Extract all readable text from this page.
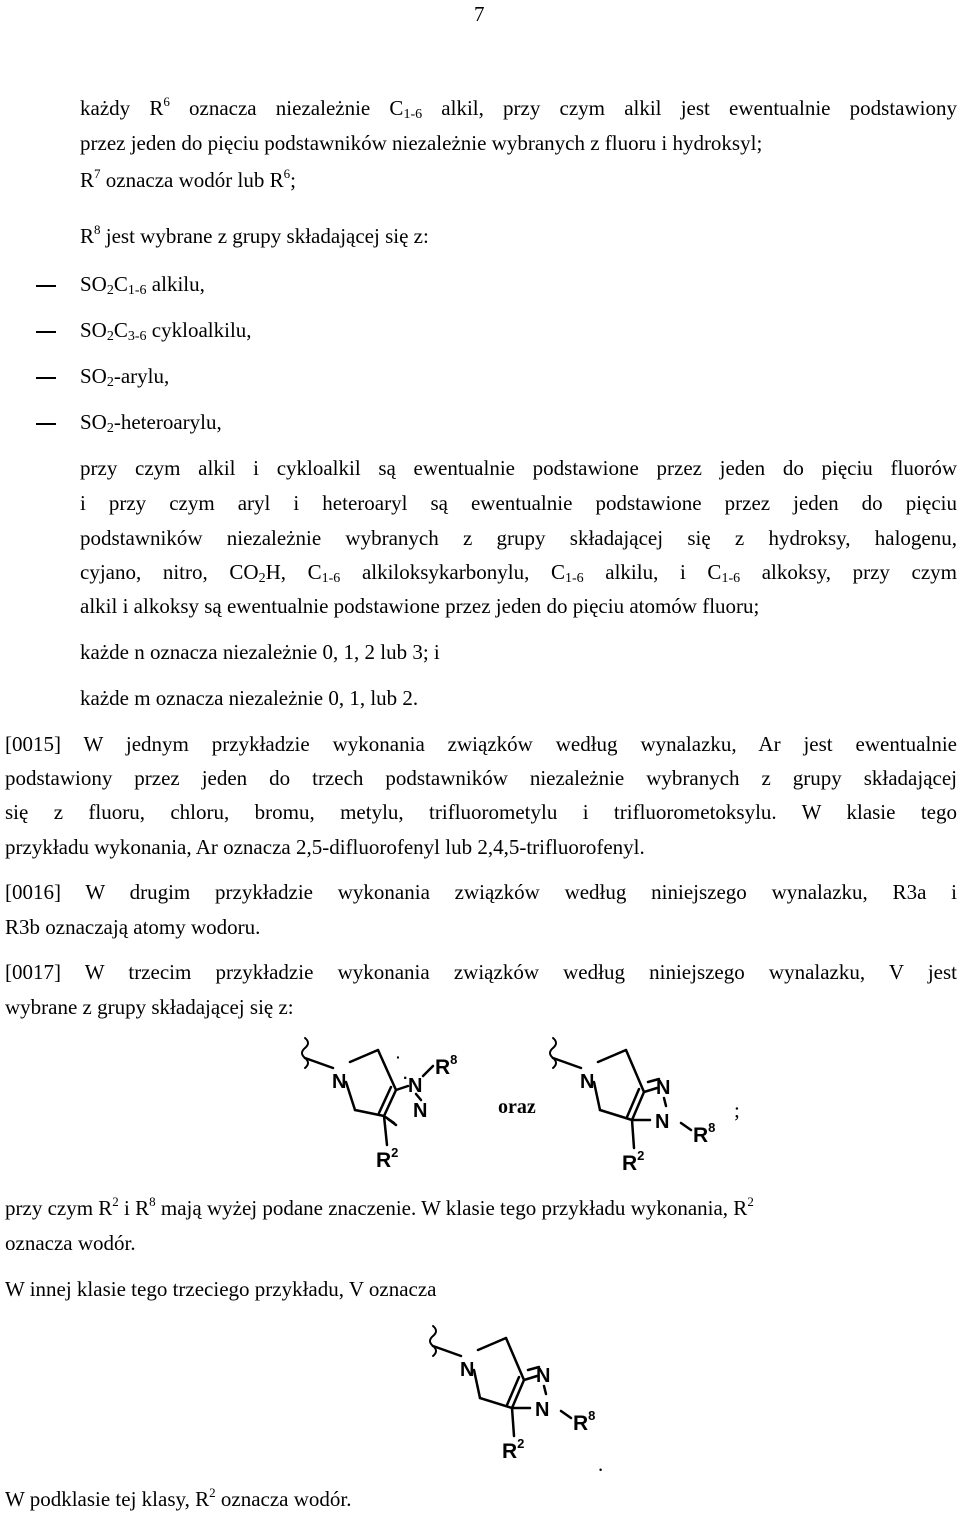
7
każdy $R^6$ oznacza niezależnie $C_{1-6}$ alkil, przy czym alkil jest ewentualnie podstawiony
przez jeden do pięciu podstawników niezależnie wybranych z fluoru i hydroksyl;
$R^7$ oznacza wodór lub $R^6$;
$R^8$ jest wybrane z grupy składającej się z:
$SO_2C_{1-6}$ alkilu,
$SO_2C_{3-6}$ cykloalkilu,
$SO_2$-arylu,
$SO_2$-heteroarylu,
przy czym alkil i cykloalkil są ewentualnie podstawione przez jeden do pięciu fluorów
i przy czym aryl i heteroaryl są ewentualnie podstawione przez jeden do pięciu
podstawników niezależnie wybranych z grupy składającej się z hydroksy, halogenu,
cyjano, nitro, $CO_2H$, $C_{1-6}$ alkiloksykarbonylu, $C_{1-6}$ alkilu, i $C_{1-6}$ alkoksy, przy czym
alkil i alkoksy są ewentualnie podstawione przez jeden do pięciu atomów fluoru;
każde n oznacza niezależnie 0, 1, 2 lub 3; i
każde m oznacza niezależnie 0, 1, lub 2.
[0015] W jednym przykładzie wykonania związków według wynalazku, Ar jest ewentualnie
podstawiony przez jeden do trzech podstawników niezależnie wybranych z grupy składającej
się z fluoru, chloru, bromu, metylu, trifluorometylu i trifluorometoksylu. W klasie tego
przykładu wykonania, Ar oznacza 2,5-difluorofenyl lub 2,4,5-trifluorofenyl.
[0016] W drugim przykładzie wykonania związków według niniejszego wynalazku, R3a i
R3b oznaczają atomy wodoru.
[0017] W trzecim przykładzie wykonania związków według niniejszego wynalazku, V jest
wybrane z grupy składającej się z:
N	N
N
·
· $R^8$
$R^2$
oraz
N	N
N
$R^8$
$R^2$
;
przy czym $R^2$ i $R^8$ mają wyżej podane znaczenie. W klasie tego przykładu wykonania, $R^2$
oznacza wodór.
W innej klasie tego trzeciego przykładu, V oznacza
N	N
N
$R^8$
$R^2$
.
W podklasie tej klasy, $R^2$ oznacza wodór.
